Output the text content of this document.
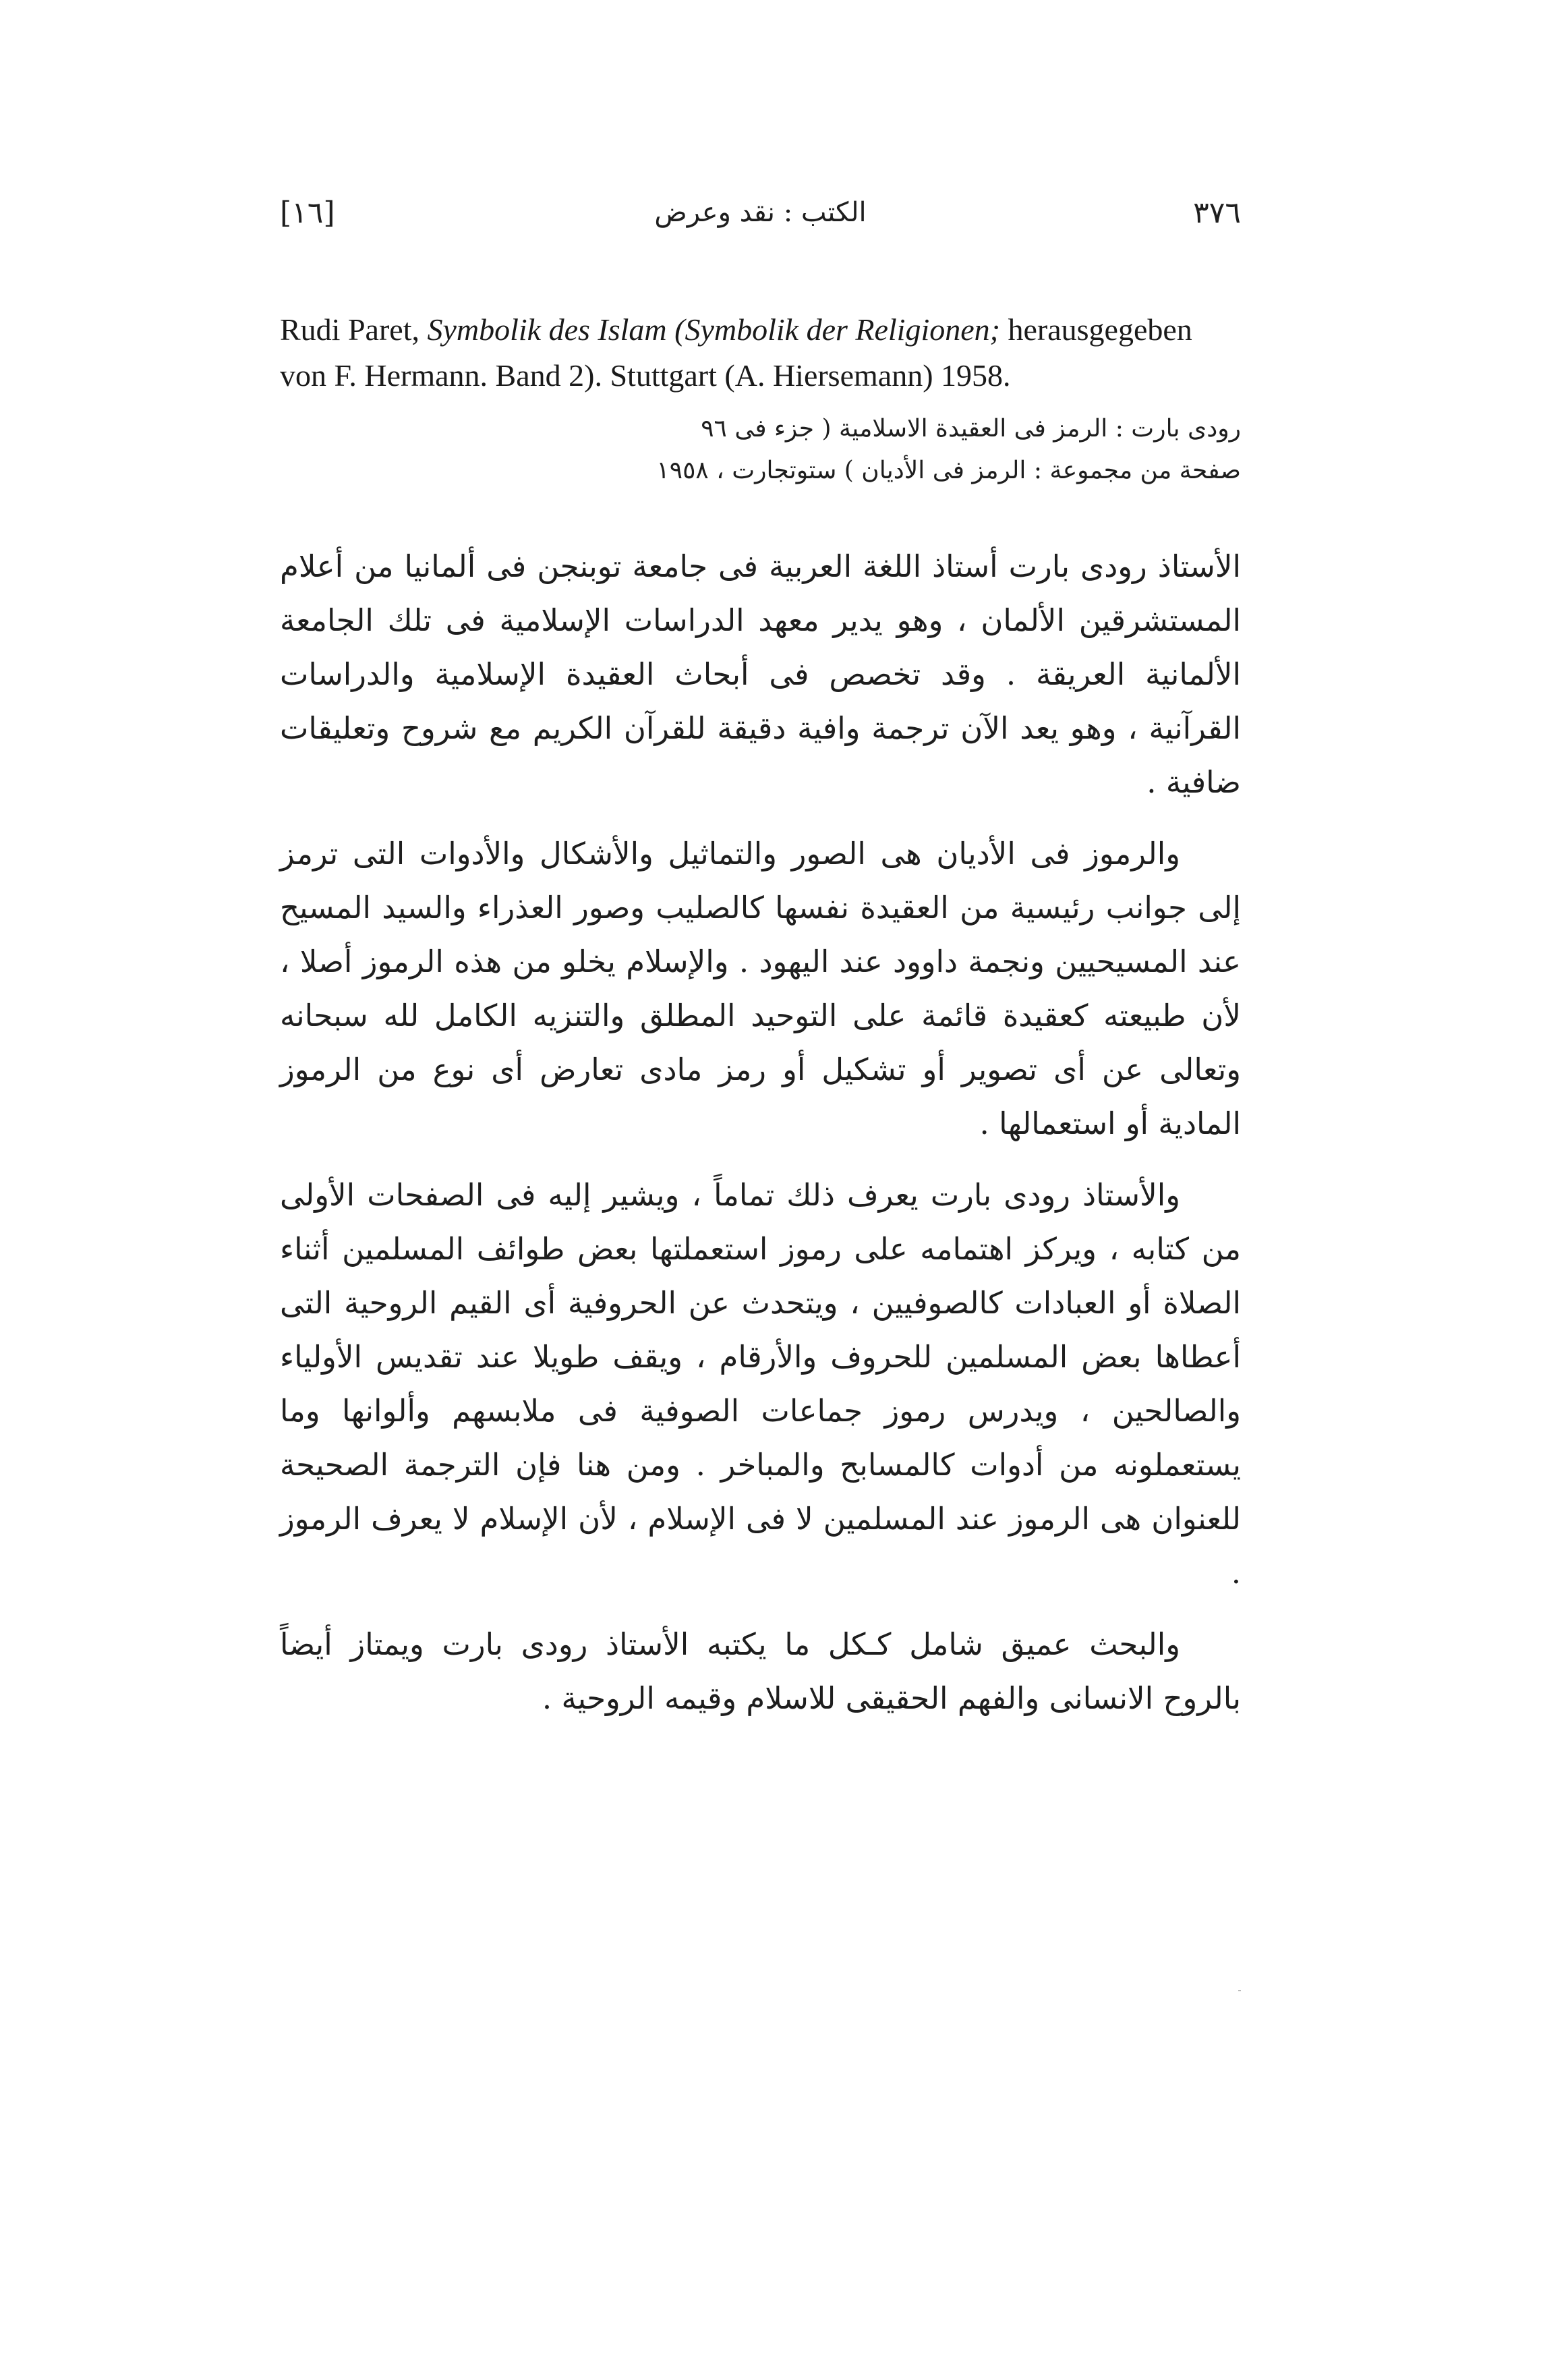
[١٦]	الكتب : نقد وعرض	٣٧٦
Rudi Paret, Symbolik des Islam (Symbolik der Religionen; herausgegeben von F. Hermann. Band 2). Stuttgart (A. Hiersemann) 1958.
رودى بارت : الرمز فى العقيدة الاسلامية ( جزء فى ٩٦
صفحة من مجموعة : الرمز فى الأديان ) ستوتجارت ، ١٩٥٨

الأستاذ رودى بارت أستاذ اللغة العربية فى جامعة توبنجن فى ألمانيا من أعلام المستشرقين الألمان ، وهو يدير معهد الدراسات الإسلامية فى تلك الجامعة الألمانية العريقة . وقد تخصص فى أبحاث العقيدة الإسلامية والدراسات القرآنية ، وهو يعد الآن ترجمة وافية دقيقة للقرآن الكريم مع شروح وتعليقات ضافية .

والرموز فى الأديان هى الصور والتماثيل والأشكال والأدوات التى ترمز إلى جوانب رئيسية من العقيدة نفسها كالصليب وصور العذراء والسيد المسيح عند المسيحيين ونجمة داوود عند اليهود . والإسلام يخلو من هذه الرموز أصلا ، لأن طبيعته كعقيدة قائمة على التوحيد المطلق والتنزيه الكامل لله سبحانه وتعالى عن أى تصوير أو تشكيل أو رمز مادى تعارض أى نوع من الرموز المادية أو استعمالها .

والأستاذ رودى بارت يعرف ذلك تماماً ، ويشير إليه فى الصفحات الأولى من كتابه ، ويركز اهتمامه على رموز استعملتها بعض طوائف المسلمين أثناء الصلاة أو العبادات كالصوفيين ، ويتحدث عن الحروفية أى القيم الروحية التى أعطاها بعض المسلمين للحروف والأرقام ، ويقف طويلا عند تقديس الأولياء والصالحين ، ويدرس رموز جماعات الصوفية فى ملابسهم وألوانها وما يستعملونه من أدوات كالمسابح والمباخر . ومن هنا فإن الترجمة الصحيحة للعنوان هى الرموز عند المسلمين لا فى الإسلام ، لأن الإسلام لا يعرف الرموز .

والبحث عميق شامل كـكل ما يكتبه الأستاذ رودى بارت ويمتاز أيضاً بالروح الانسانى والفهم الحقيقى للاسلام وقيمه الروحية .
